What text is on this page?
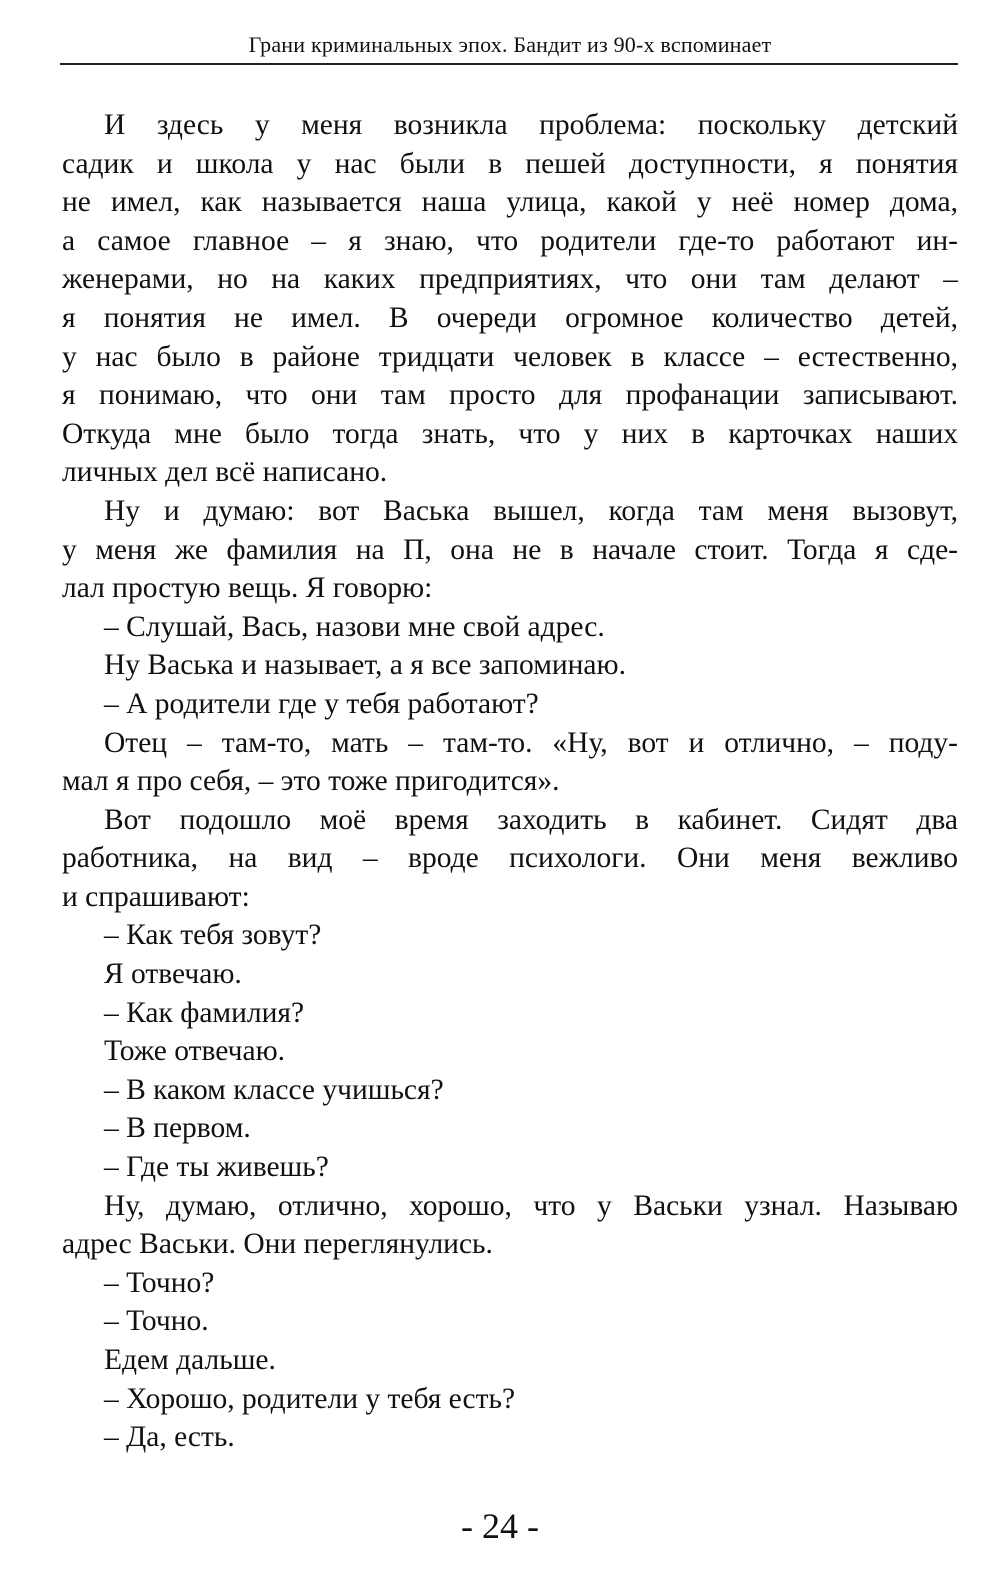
Грани криминальных эпох. Бандит из 90-х вспоминает
И здесь у меня возникла проблема: поскольку детский
садик и школа у нас были в пешей доступности, я понятия
не имел, как называется наша улица, какой у неё номер дома,
а самое главное – я знаю, что родители где-то работают ин-
женерами, но на каких предприятиях, что они там делают –
я понятия не имел. В очереди огромное количество детей,
у нас было в районе тридцати человек в классе – естественно,
я понимаю, что они там просто для профанации записывают.
Откуда мне было тогда знать, что у них в карточках наших
личных дел всё написано.
Ну и думаю: вот Васька вышел, когда там меня вызовут,
у меня же фамилия на П, она не в начале стоит. Тогда я сде-
лал простую вещь. Я говорю:
– Слушай, Вась, назови мне свой адрес.
Ну Васька и называет, а я все запоминаю.
– А родители где у тебя работают?
Отец – там-то, мать – там-то. «Ну, вот и отлично, – поду-
мал я про себя, – это тоже пригодится».
Вот подошло моё время заходить в кабинет. Сидят два
работника, на вид – вроде психологи. Они меня вежливо
и спрашивают:
– Как тебя зовут?
Я отвечаю.
– Как фамилия?
Тоже отвечаю.
– В каком классе учишься?
– В первом.
– Где ты живешь?
Ну, думаю, отлично, хорошо, что у Васьки узнал. Называю
адрес Васьки. Они переглянулись.
– Точно?
– Точно.
Едем дальше.
– Хорошо, родители у тебя есть?
– Да, есть.
- 24 -
